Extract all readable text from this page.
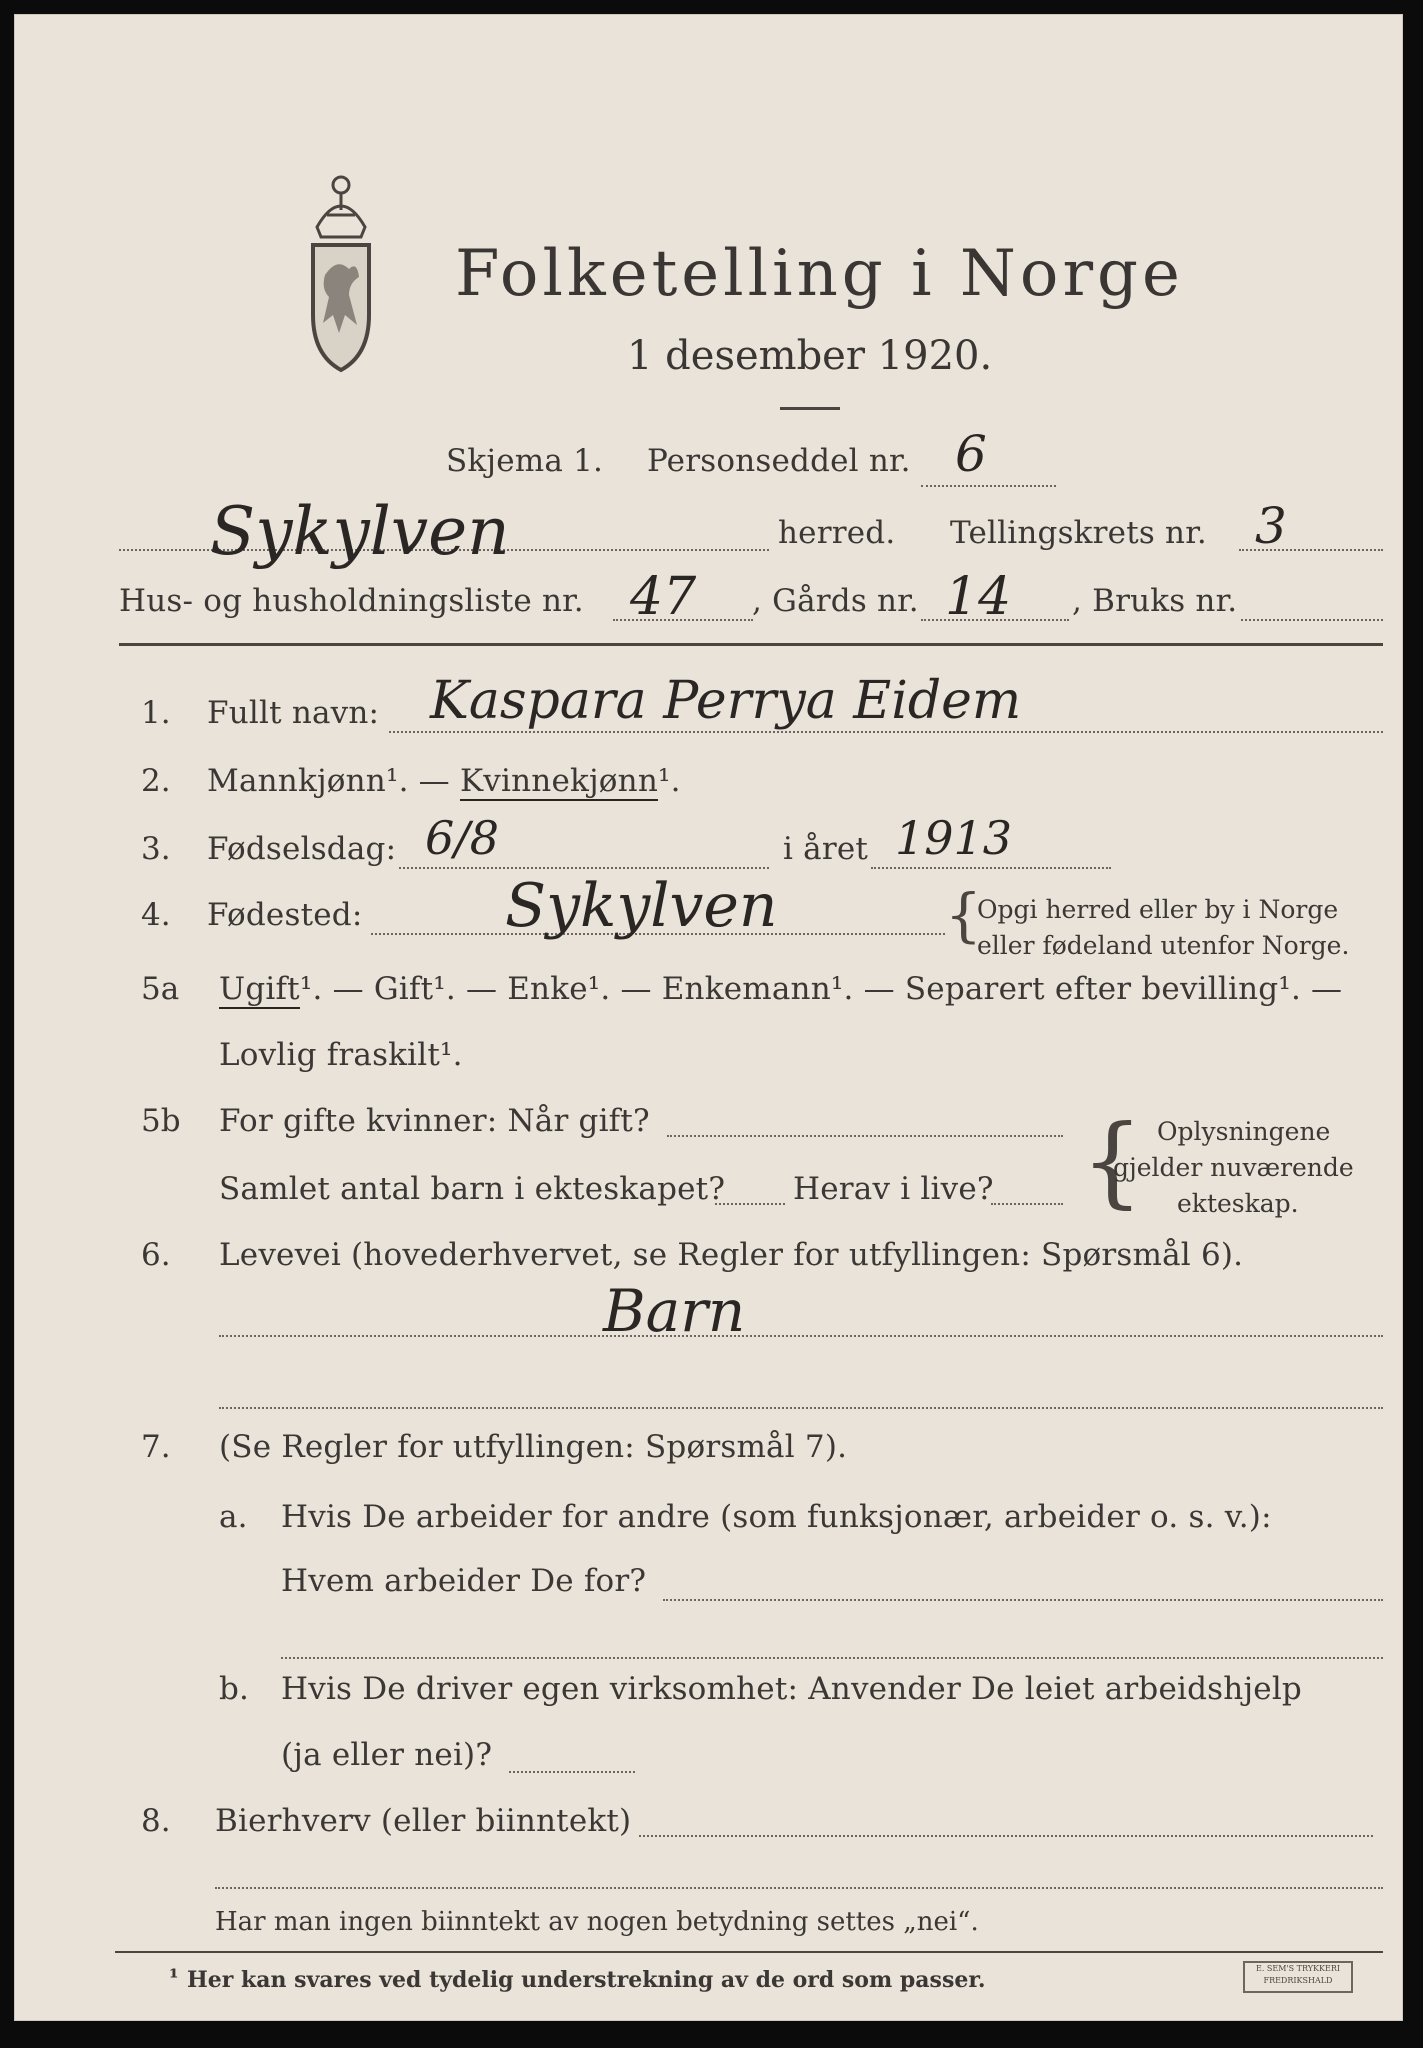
Folketelling i Norge
1 desember 1920.
Skjema 1. Personseddel nr. 6
Sykylven	herred. Tellingskrets nr. 3
Hus- og husholdningsliste nr. 47 , Gårds nr. 14 , Bruks nr.
1. Fullt navn: Kaspara Perrya Eidem
2. Mannkjønn¹. — Kvinnekjønn¹.
3. Fødselsdag: 6/8	i året 1913
4. Fødested: Sykylven	{
Opgi herred eller by i Norge
eller fødeland utenfor Norge.
5a Ugift¹. — Gift¹. — Enke¹. — Enkemann¹. — Separert efter bevilling¹. —
Lovlig fraskilt¹.
5b For gifte kvinner: Når gift?
Samlet antal barn i ekteskapet? Herav i live? { Oplysningene
gjelder nuværende
ekteskap.
6. Levevei (hovederhvervet, se Regler for utfyllingen: Spørsmål 6).
Barn
7. (Se Regler for utfyllingen: Spørsmål 7).
a. Hvis De arbeider for andre (som funksjonær, arbeider o. s. v.):
Hvem arbeider De for?
b. Hvis De driver egen virksomhet: Anvender De leiet arbeidshjelp
(ja eller nei)?
8. Bierhverv (eller biinntekt)
Har man ingen biinntekt av nogen betydning settes „nei“.
¹ Her kan svares ved tydelig understrekning av de ord som passer.	E. SEM'S TRYKKERI FREDRIKSHALD
